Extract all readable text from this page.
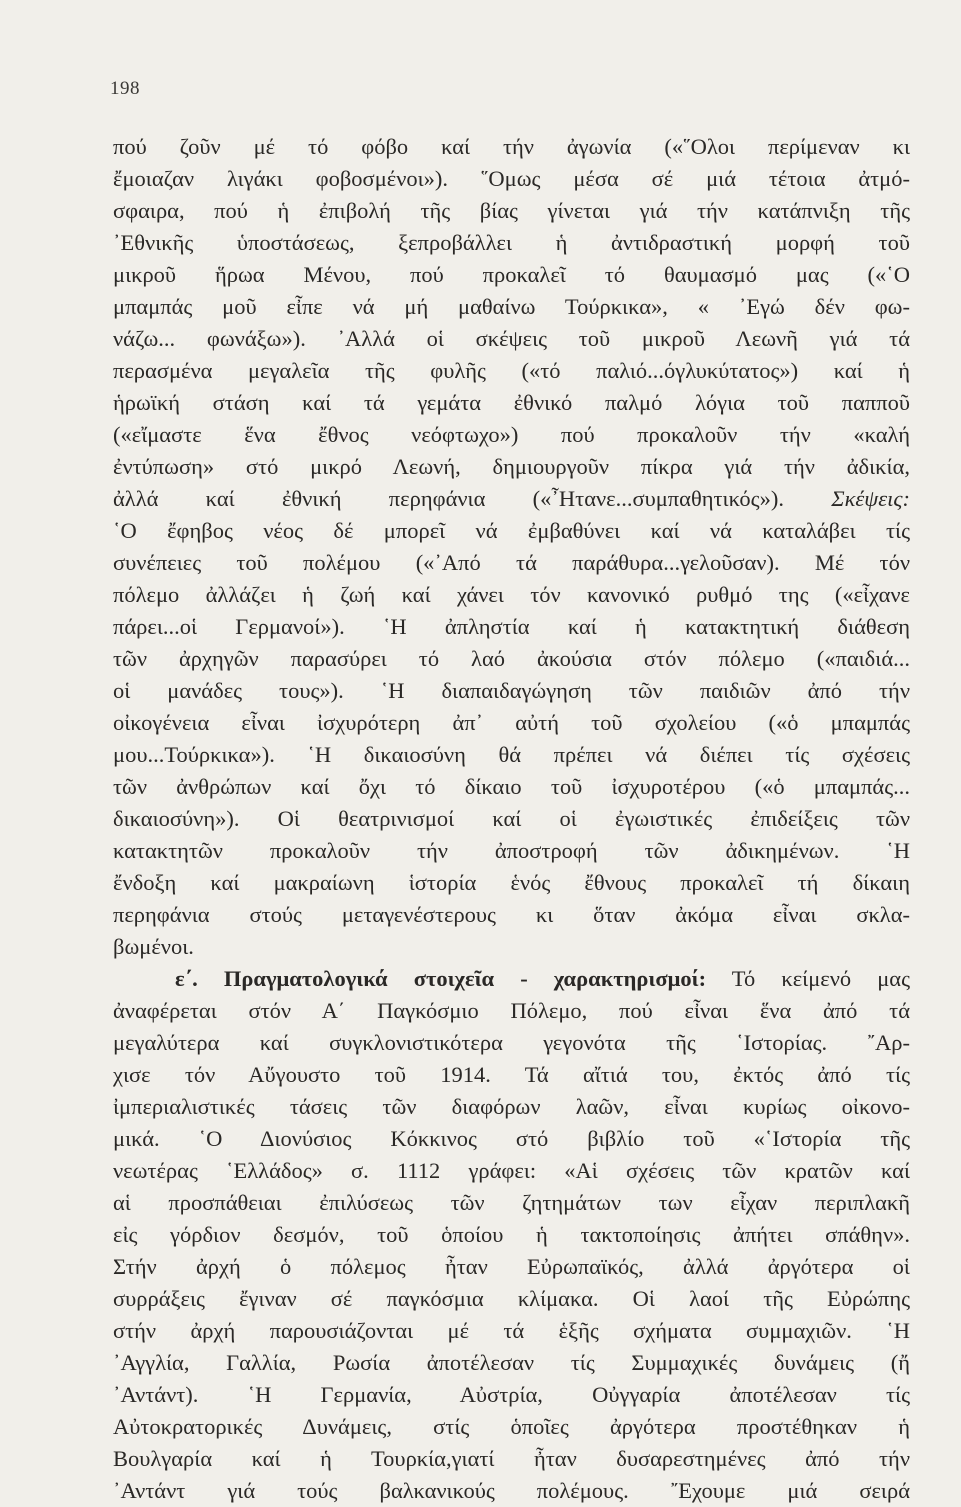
198
πού ζοῦν μέ τό φόβο καί τήν ἀγωνία («῞Ολοι περίμεναν κι
ἔμοιαζαν λιγάκι φοβοσμένοι»). ῞Ομως μέσα σέ μιά τέτοια ἀτμό-
σφαιρα, πού ἡ ἐπιβολή τῆς βίας γίνεται γιά τήν κατάπνιξη τῆς
᾿Εθνικῆς ὑποστάσεως, ξεπροβάλλει ἡ ἀντιδραστική μορφή τοῦ
μικροῦ ἥρωα Μένου, πού προκαλεῖ τό θαυμασμό μας («῾Ο
μπαμπάς μοῦ εἶπε νά μή μαθαίνω Τούρκικα», « ᾿Εγώ δέν φω-
νάζω... φωνάξω»). ᾿Αλλά οἱ σκέψεις τοῦ μικροῦ Λεωνῆ γιά τά
περασμένα μεγαλεῖα τῆς φυλῆς («τό παλιό...όγλυκύτατος») καί ἡ
ἡρωϊκή στάση καί τά γεμάτα ἐθνικό παλμό λόγια τοῦ παπποῦ
(«εἴμαστε ἕνα ἔθνος νεόφτωχο») πού προκαλοῦν τήν «καλή
ἐντύπωση» στό μικρό Λεωνή, δημιουργοῦν πίκρα γιά τήν ἀδικία,
ἀλλά καί ἐθνική περηφάνια («῏Ητανε...συμπαθητικός»). Σκέψεις:
῾Ο ἔφηβος νέος δέ μπορεῖ νά ἐμβαθύνει καί νά καταλάβει τίς
συνέπειες τοῦ πολέμου («᾿Από τά παράθυρα...γελοῦσαν). Μέ τόν
πόλεμο ἀλλάζει ἡ ζωή καί χάνει τόν κανονικό ρυθμό της («εἶχανε
πάρει...οἱ Γερμανοί»). ῾Η ἀπληστία καί ἡ κατακτητική διάθεση
τῶν ἀρχηγῶν παρασύρει τό λαό ἀκούσια στόν πόλεμο («παιδιά...
οἱ μανάδες τους»). ῾Η διαπαιδαγώγηση τῶν παιδιῶν ἀπό τήν
οἰκογένεια εἶναι ἰσχυρότερη ἀπ᾿ αὐτή τοῦ σχολείου («ὁ μπαμπάς
μου...Τούρκικα»). ῾Η δικαιοσύνη θά πρέπει νά διέπει τίς σχέσεις
τῶν ἀνθρώπων καί ὄχι τό δίκαιο τοῦ ἰσχυροτέρου («ὁ μπαμπάς...
δικαιοσύνη»). Οἱ θεατρινισμοί καί οἱ ἐγωιστικές ἐπιδείξεις τῶν
κατακτητῶν προκαλοῦν τήν ἀποστροφή τῶν ἀδικημένων. ῾Η
ἔνδοξη καί μακραίωνη ἱστορία ἑνός ἔθνους προκαλεῖ τή δίκαιη
περηφάνια στούς μεταγενέστερους κι ὅταν ἀκόμα εἶναι σκλα-
βωμένοι.
ε΄. Πραγματολογικά στοιχεῖα - χαρακτηρισμοί: Τό κείμενό μας
ἀναφέρεται στόν Α΄ Παγκόσμιο Πόλεμο, πού εἶναι ἕνα ἀπό τά
μεγαλύτερα καί συγκλονιστικότερα γεγονότα τῆς ῾Ιστορίας. ῎Αρ-
χισε τόν Αὔγουστο τοῦ 1914. Τά αἴτιά του, ἐκτός ἀπό τίς
ἰμπεριαλιστικές τάσεις τῶν διαφόρων λαῶν, εἶναι κυρίως οἰκονο-
μικά. ῾Ο Διονύσιος Κόκκινος στό βιβλίο τοῦ «῾Ιστορία τῆς
νεωτέρας ῾Ελλάδος» σ. 1112 γράφει: «Αἱ σχέσεις τῶν κρατῶν καί
αἱ προσπάθειαι ἐπιλύσεως τῶν ζητημάτων των εἶχαν περιπλακῆ
εἰς γόρδιον δεσμόν, τοῦ ὁποίου ἡ τακτοποίησις ἀπήτει σπάθην».
Στήν ἀρχή ὁ πόλεμος ἦταν Εὐρωπαϊκός, ἀλλά ἀργότερα οἱ
συρράξεις ἔγιναν σέ παγκόσμια κλίμακα. Οἱ λαοί τῆς Εὐρώπης
στήν ἀρχή παρουσιάζονται μέ τά ἑξῆς σχήματα συμμαχιῶν. ῾Η
᾿Αγγλία, Γαλλία, Ρωσία ἀποτέλεσαν τίς Συμμαχικές δυνάμεις (ἤ
᾿Αντάντ). ῾Η Γερμανία, Αὐστρία, Οὐγγαρία ἀποτέλεσαν τίς
Αὐτοκρατορικές Δυνάμεις, στίς ὁποῖες ἀργότερα προστέθηκαν ἡ
Βουλγαρία καί ἡ Τουρκία,γιατί ἦταν δυσαρεστημένες ἀπό τήν
᾿Αντάντ γιά τούς βαλκανικούς πολέμους. ῎Εχουμε μιά σειρά
